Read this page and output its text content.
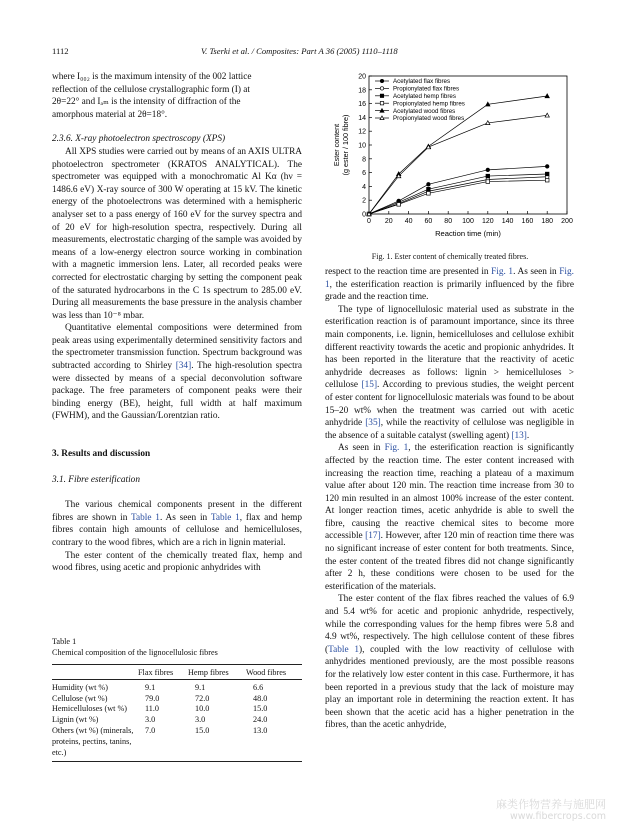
1112	V. Tserki et al. / Composites: Part A 36 (2005) 1110–1118
where I₀₀₂ is the maximum intensity of the 002 lattice
reflection of the cellulose crystallographic form (I) at
2θ=22° and Iₐₘ is the intensity of diffraction of the
amorphous material at 2θ=18°.

2.3.6. X-ray photoelectron spectroscopy (XPS)

All XPS studies were carried out by means of an AXIS ULTRA photoelectron spectrometer (KRATOS ANALYTICAL). The spectrometer was equipped with a monochromatic Al Kα (hν = 1486.6 eV) X-ray source of 300 W operating at 15 kV. The kinetic energy of the photoelectrons was determined with a hemispheric analyser set to a pass energy of 160 eV for the survey spectra and of 20 eV for high-resolution spectra, respectively. During all measurements, electrostatic charging of the sample was avoided by means of a low-energy electron source working in combination with a magnetic immersion lens. Later, all recorded peaks were corrected for electrostatic charging by setting the component peak of the saturated hydrocarbons in the C 1s spectrum to 285.00 eV. During all measurements the base pressure in the analysis chamber was less than 10⁻⁸ mbar.

Quantitative elemental compositions were determined from peak areas using experimentally determined sensitivity factors and the spectrometer transmission function. Spectrum background was subtracted according to Shirley [34]. The high-resolution spectra were dissected by means of a special deconvolution software package. The free parameters of component peaks were their binding energy (BE), height, full width at half maximum (FWHM), and the Gaussian/Lorentzian ratio.

3. Results and discussion

3.1. Fibre esterification

The various chemical components present in the different fibres are shown in Table 1. As seen in Table 1, flax and hemp fibres contain high amounts of cellulose and hemicelluloses, contrary to the wood fibres, which are a rich in lignin material.

The ester content of the chemically treated flax, hemp and wood fibres, using acetic and propionic anhydrides with

Table 1
Chemical composition of the lignocellulosic fibres
	Flax fibres	Hemp fibres	Wood fibres

Humidity (wt %)	9.1	9.1	6.6
Cellulose (wt %)	79.0	72.0	48.0
Hemicelluloses (wt %)	11.0	10.0	15.0
Lignin (wt %)	3.0	3.0	24.0
Others (wt %) (minerals, proteins, pectins, tanins, etc.)	7.0	15.0	13.0
0 20 40 60 80 100 120 140 160 180 200
0
2
4
6
8
10
12
14
16
18
20
Reaction time (min)
Ester content (g ester / 100 fibre)
Acetylated flax fibres
Propionylated flax fibres
Acetylated hemp fibres
Propionylated hemp fibres
Acetylated wood fibres
Propionylated wood fibres
Fig. 1. Ester content of chemically treated fibres.

respect to the reaction time are presented in Fig. 1. As seen in Fig. 1, the esterification reaction is primarily influenced by the fibre grade and the reaction time.

The type of lignocellulosic material used as substrate in the esterification reaction is of paramount importance, since its three main components, i.e. lignin, hemicelluloses and cellulose exhibit different reactivity towards the acetic and propionic anhydrides. It has been reported in the literature that the reactivity of acetic anhydride decreases as follows: lignin > hemicelluloses > cellulose [15]. According to previous studies, the weight percent of ester content for lignocellulosic materials was found to be about 15–20 wt% when the treatment was carried out with acetic anhydride [35], while the reactivity of cellulose was negligible in the absence of a suitable catalyst (swelling agent) [13].

As seen in Fig. 1, the esterification reaction is significantly affected by the reaction time. The ester content increased with increasing the reaction time, reaching a plateau of a maximum value after about 120 min. The reaction time increase from 30 to 120 min resulted in an almost 100% increase of the ester content. At longer reaction times, acetic anhydride is able to swell the fibre, causing the reactive chemical sites to become more accessible [17]. However, after 120 min of reaction time there was no significant increase of ester content for both treatments. Since, the ester content of the treated fibres did not change significantly after 2 h, these conditions were chosen to be used for the esterification of the materials.

The ester content of the flax fibres reached the values of 6.9 and 5.4 wt% for acetic and propionic anhydride, respectively, while the corresponding values for the hemp fibres were 5.8 and 4.9 wt%, respectively. The high cellulose content of these fibres (Table 1), coupled with the low reactivity of cellulose with anhydrides mentioned previously, are the most possible reasons for the relatively low ester content in this case. Furthermore, it has been reported in a previous study that the lack of moisture may play an important role in determining the reaction extent. It has been shown that the acetic acid has a higher penetration in the fibres, than the acetic anhydride,

麻类作物营养与施肥网
www.fibercrops.com
